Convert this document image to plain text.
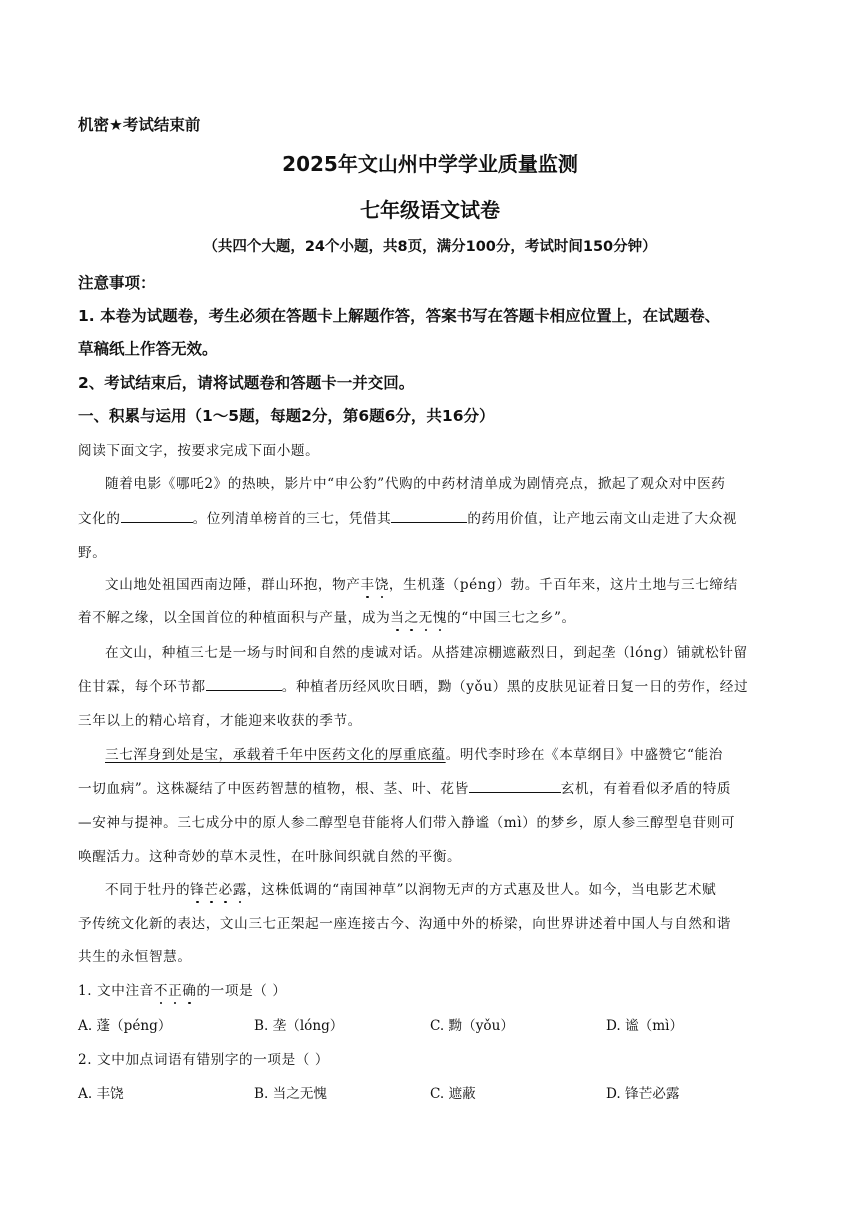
机密★考试结束前
2025年文山州中学学业质量监测
七年级语文试卷
（共四个大题，24个小题，共8页，满分100分，考试时间150分钟）
注意事项：
1. 本卷为试题卷，考生必须在答题卡上解题作答，答案书写在答题卡相应位置上，在试题卷、
草稿纸上作答无效。
2、考试结束后，请将试题卷和答题卡一并交回。
一、积累与运用（1～5题，每题2分，第6题6分，共16分）
阅读下面文字，按要求完成下面小题。
随着电影《哪吒2》的热映，影片中“申公豹”代购的中药材清单成为剧情亮点，掀起了观众对中医药
文化的	。位列清单榜首的三七，凭借其	的药用价值，让产地云南文山走进了大众视
野。
文山地处祖国西南边陲，群山环抱，物产丰饶，生机蓬（péng）勃。千百年来，这片土地与三七缔结
着不解之缘，以全国首位的种植面积与产量，成为当之无愧的“中国三七之乡”。
在文山，种植三七是一场与时间和自然的虔诚对话。从搭建凉棚遮蔽烈日，到起垄（lóng）铺就松针留
住甘霖，每个环节都	。种植者历经风吹日晒，黝（yǒu）黑的皮肤见证着日复一日的劳作，经过
三年以上的精心培育，才能迎来收获的季节。
三七浑身到处是宝，承载着千年中医药文化的厚重底蕴。明代李时珍在《本草纲目》中盛赞它“能治
一切血病”。这株凝结了中医药智慧的植物，根、茎、叶、花皆	玄机，有着看似矛盾的特质
—安神与提神。三七成分中的原人参二醇型皂苷能将人们带入静谧（mì）的梦乡，原人参三醇型皂苷则可
唤醒活力。这种奇妙的草木灵性，在叶脉间织就自然的平衡。
不同于牡丹的锋芒必露，这株低调的“南国神草”以润物无声的方式惠及世人。如今，当电影艺术赋
予传统文化新的表达，文山三七正架起一座连接古今、沟通中外的桥梁，向世界讲述着中国人与自然和谐
共生的永恒智慧。
1. 文中注音不正确的一项是（ ）
A. 蓬（péng）	B. 垄（lóng）	C. 黝（yǒu）	D. 谧（mì）
2. 文中加点词语有错别字的一项是（ ）
A. 丰饶	B. 当之无愧	C. 遮蔽	D. 锋芒必露
